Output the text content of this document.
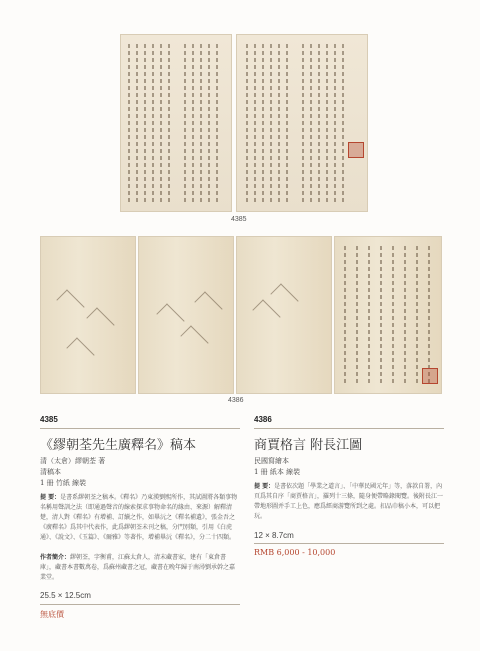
4385
4386
4385
《繆朝荃先生廣釋名》稿本
清（太倉）繆朝荃 著
清稿本
1 冊 竹紙 線裝
提 要：是書系繆朝荃之稿本。《釋名》乃東漢劉熙所作，其試圖將各類事物名稱用聲訓之法（即通過聲音的線索探求事物命名的緣由、來源）解釋清楚，清人對《釋名》有增補、訂續之作，如畢沅之《釋名補遺》，張金吾之《廣釋名》爲其中代表作，此爲繆朝荃未刊之稿，分門別類，引用《白虎通》、《說文》、《玉篇》、《爾雅》等著作，增補畢沅《釋名》，分二十四類。
作者簡介：繆朝荃，字衡甫，江蘇太倉人，清末藏書家，建有「東倉書庫」，藏書本書數萬卷，爲蘇州藏書之冠，藏書在晚年歸于南潯劉承幹之嘉業堂。
25.5 × 12.5cm
無底價
4386
商賈格言 附長江圖
民國寫繪本
1 冊 紙本 線裝
提 要：是書依次題「學業之道言」、「中華民國元年」等，落款自署，內頁爲其自序「商賈格言」，羅列十三條，隨身便帶略錄閱覽。後附長江一帶地形圖并手工上色，應爲經商游覽所到之處。扣品巾稿小本，可以把玩。
12 × 8.7cm
RMB 6,000 - 10,000
